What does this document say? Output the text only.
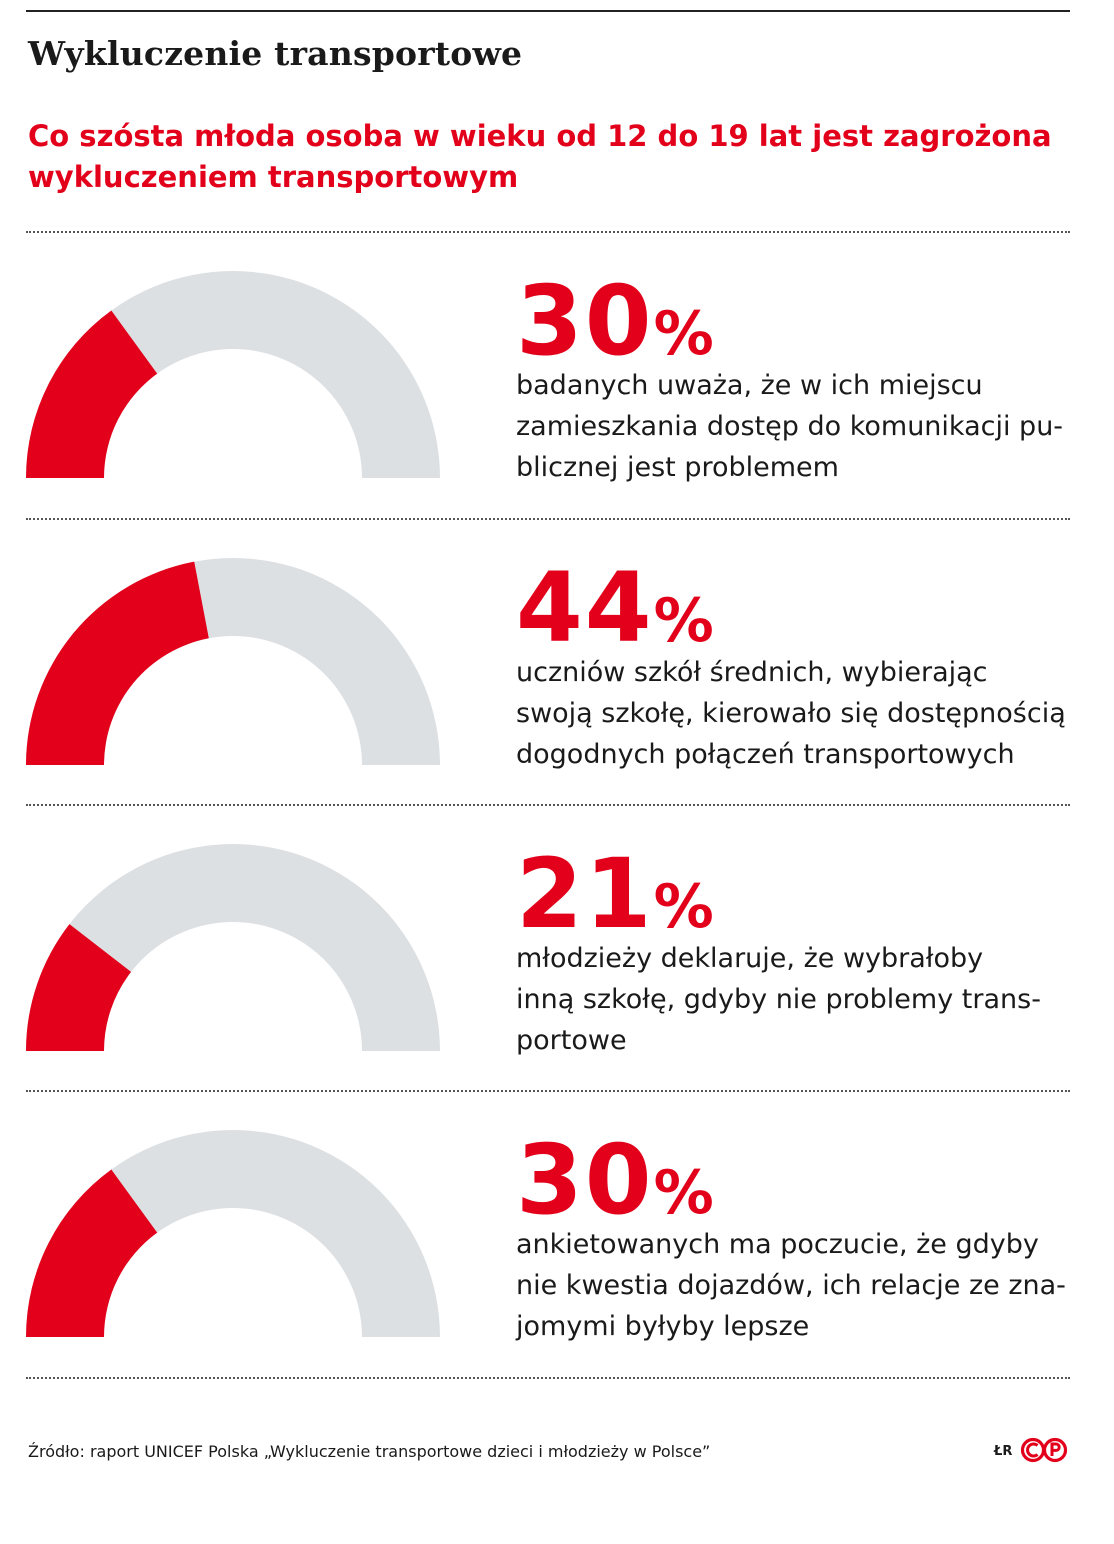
Wykluczenie transportowe
Co szósta młoda osoba w wieku od 12 do 19 lat jest zagrożona
wykluczeniem transportowym
30%

badanych uważa, że w ich miejscu
zamieszkania dostęp do komunikacji pu-
blicznej jest problemem

44%

uczniów szkół średnich, wybierając
swoją szkołę, kierowało się dostępnością
dogodnych połączeń transportowych

21%

młodzieży deklaruje, że wybrałoby
inną szkołę, gdyby nie problemy trans-
portowe

30%

ankietowanych ma poczucie, że gdyby
nie kwestia dojazdów, ich relacje ze zna-
jomymi byłyby lepsze

Źródło: raport UNICEF Polska „Wykluczenie transportowe dzieci i młodzieży w Polsce”	ŁR
